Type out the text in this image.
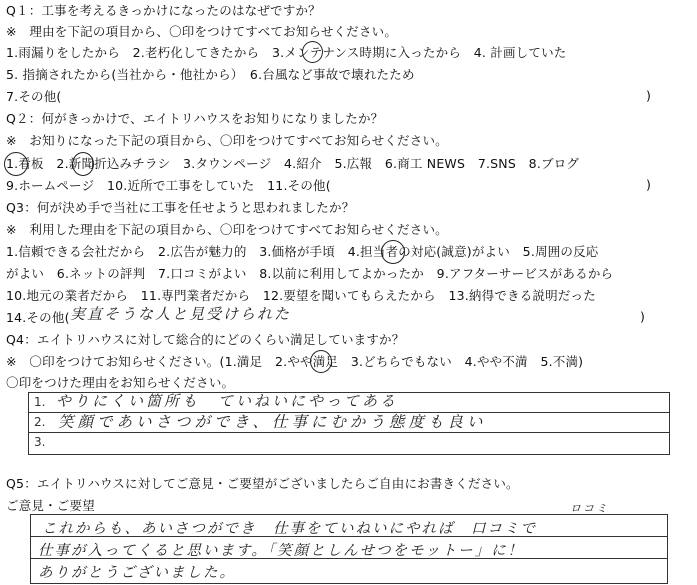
Q１：工事を考えるきっかけになったのはなぜですか？
※　理由を下記の項目から、〇印をつけてすべてお知らせください。
1.雨漏りをしたから　2.老朽化してきたから　3.メンテナンス時期に入ったから　4. 計画していた
5. 指摘されたから(当社から・他社から）　6.台風など事故で壊れたため
7.その他(	)
Q２：何がきっかけで、エイトリハウスをお知りになりましたか？
※　お知りになった下記の項目から、〇印をつけてすべてお知らせください。
1.看板　2.新聞折込みチラシ　3.タウンページ　4.紹介　5.広報　6.商工 NEWS　7.SNS　8.ブログ
9.ホームページ　10.近所で工事をしていた　11.その他(	)
Q3：何が決め手で当社に工事を任せようと思われましたか？
※　利用した理由を下記の項目から、〇印をつけてすべてお知らせください。
1.信頼できる会社だから　2.広告が魅力的　3.価格が手頃　4.担当者の対応(誠意)がよい　5.周囲の反応
がよい　6.ネットの評判　7.口コミがよい　8.以前に利用してよかったか　9.アフターサービスがあるから
10.地元の業者だから　11.専門業者だから　12.要望を聞いてもらえたから　13.納得できる説明だった
14.その他( 実直そうな人と見受けられた	)
Q4：エイトリハウスに対して総合的にどのくらい満足していますか？
※　〇印をつけてお知らせください。(1.満足　2.やや満足　3.どちらでもない　4.やや不満　5.不満)
〇印をつけた理由をお知らせください。
1. やりにくい箇所も　ていねいにやってある
2. 笑顔であいさつができ、仕事にむかう態度も良い
3.
Q5：エイトリハウスに対してご意見・ご要望がございましたらご自由にお書きください。
ご意見・ご要望	ロコミ
これからも、あいさつができ　仕事をていねいにやれば　口コミで
仕事が入ってくると思います。「笑顔としんせつをモットー」に！
ありがとうございました。
